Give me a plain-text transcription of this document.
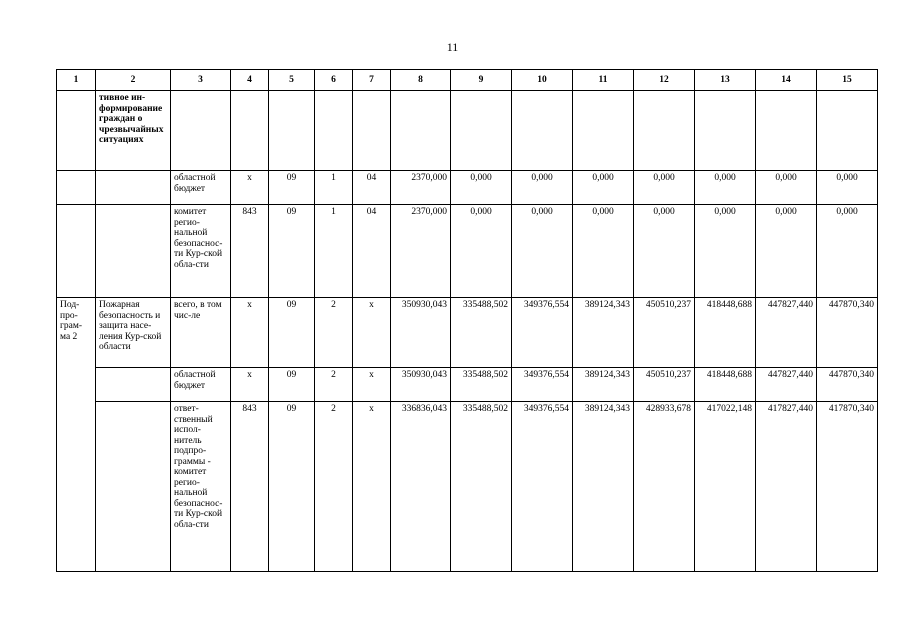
11
1	2	3	4	5	6	7	8	9	10	11	12	13	14	15
	тивное ин-формирование граждан о чрезвычайных ситуациях													
		областной бюджет	х	09	1	04	2370,000	0,000	0,000	0,000	0,000	0,000	0,000	0,000
		комитет регио-нальной безопаснос-ти Кур-ской обла-сти	843	09	1	04	2370,000	0,000	0,000	0,000	0,000	0,000	0,000	0,000
Под-про-грам-ма 2	Пожарная безопасность и защита насе-ления Кур-ской области	всего, в том чис-ле	х	09	2	х	350930,043	335488,502	349376,554	389124,343	450510,237	418448,688	447827,440	447870,340
		областной бюджет	х	09	2	х	350930,043	335488,502	349376,554	389124,343	450510,237	418448,688	447827,440	447870,340
		ответ-ственный испол-нитель подпро-граммы - комитет регио-нальной безопаснос-ти Кур-ской обла-сти	843	09	2	х	336836,043	335488,502	349376,554	389124,343	428933,678	417022,148	417827,440	417870,340
